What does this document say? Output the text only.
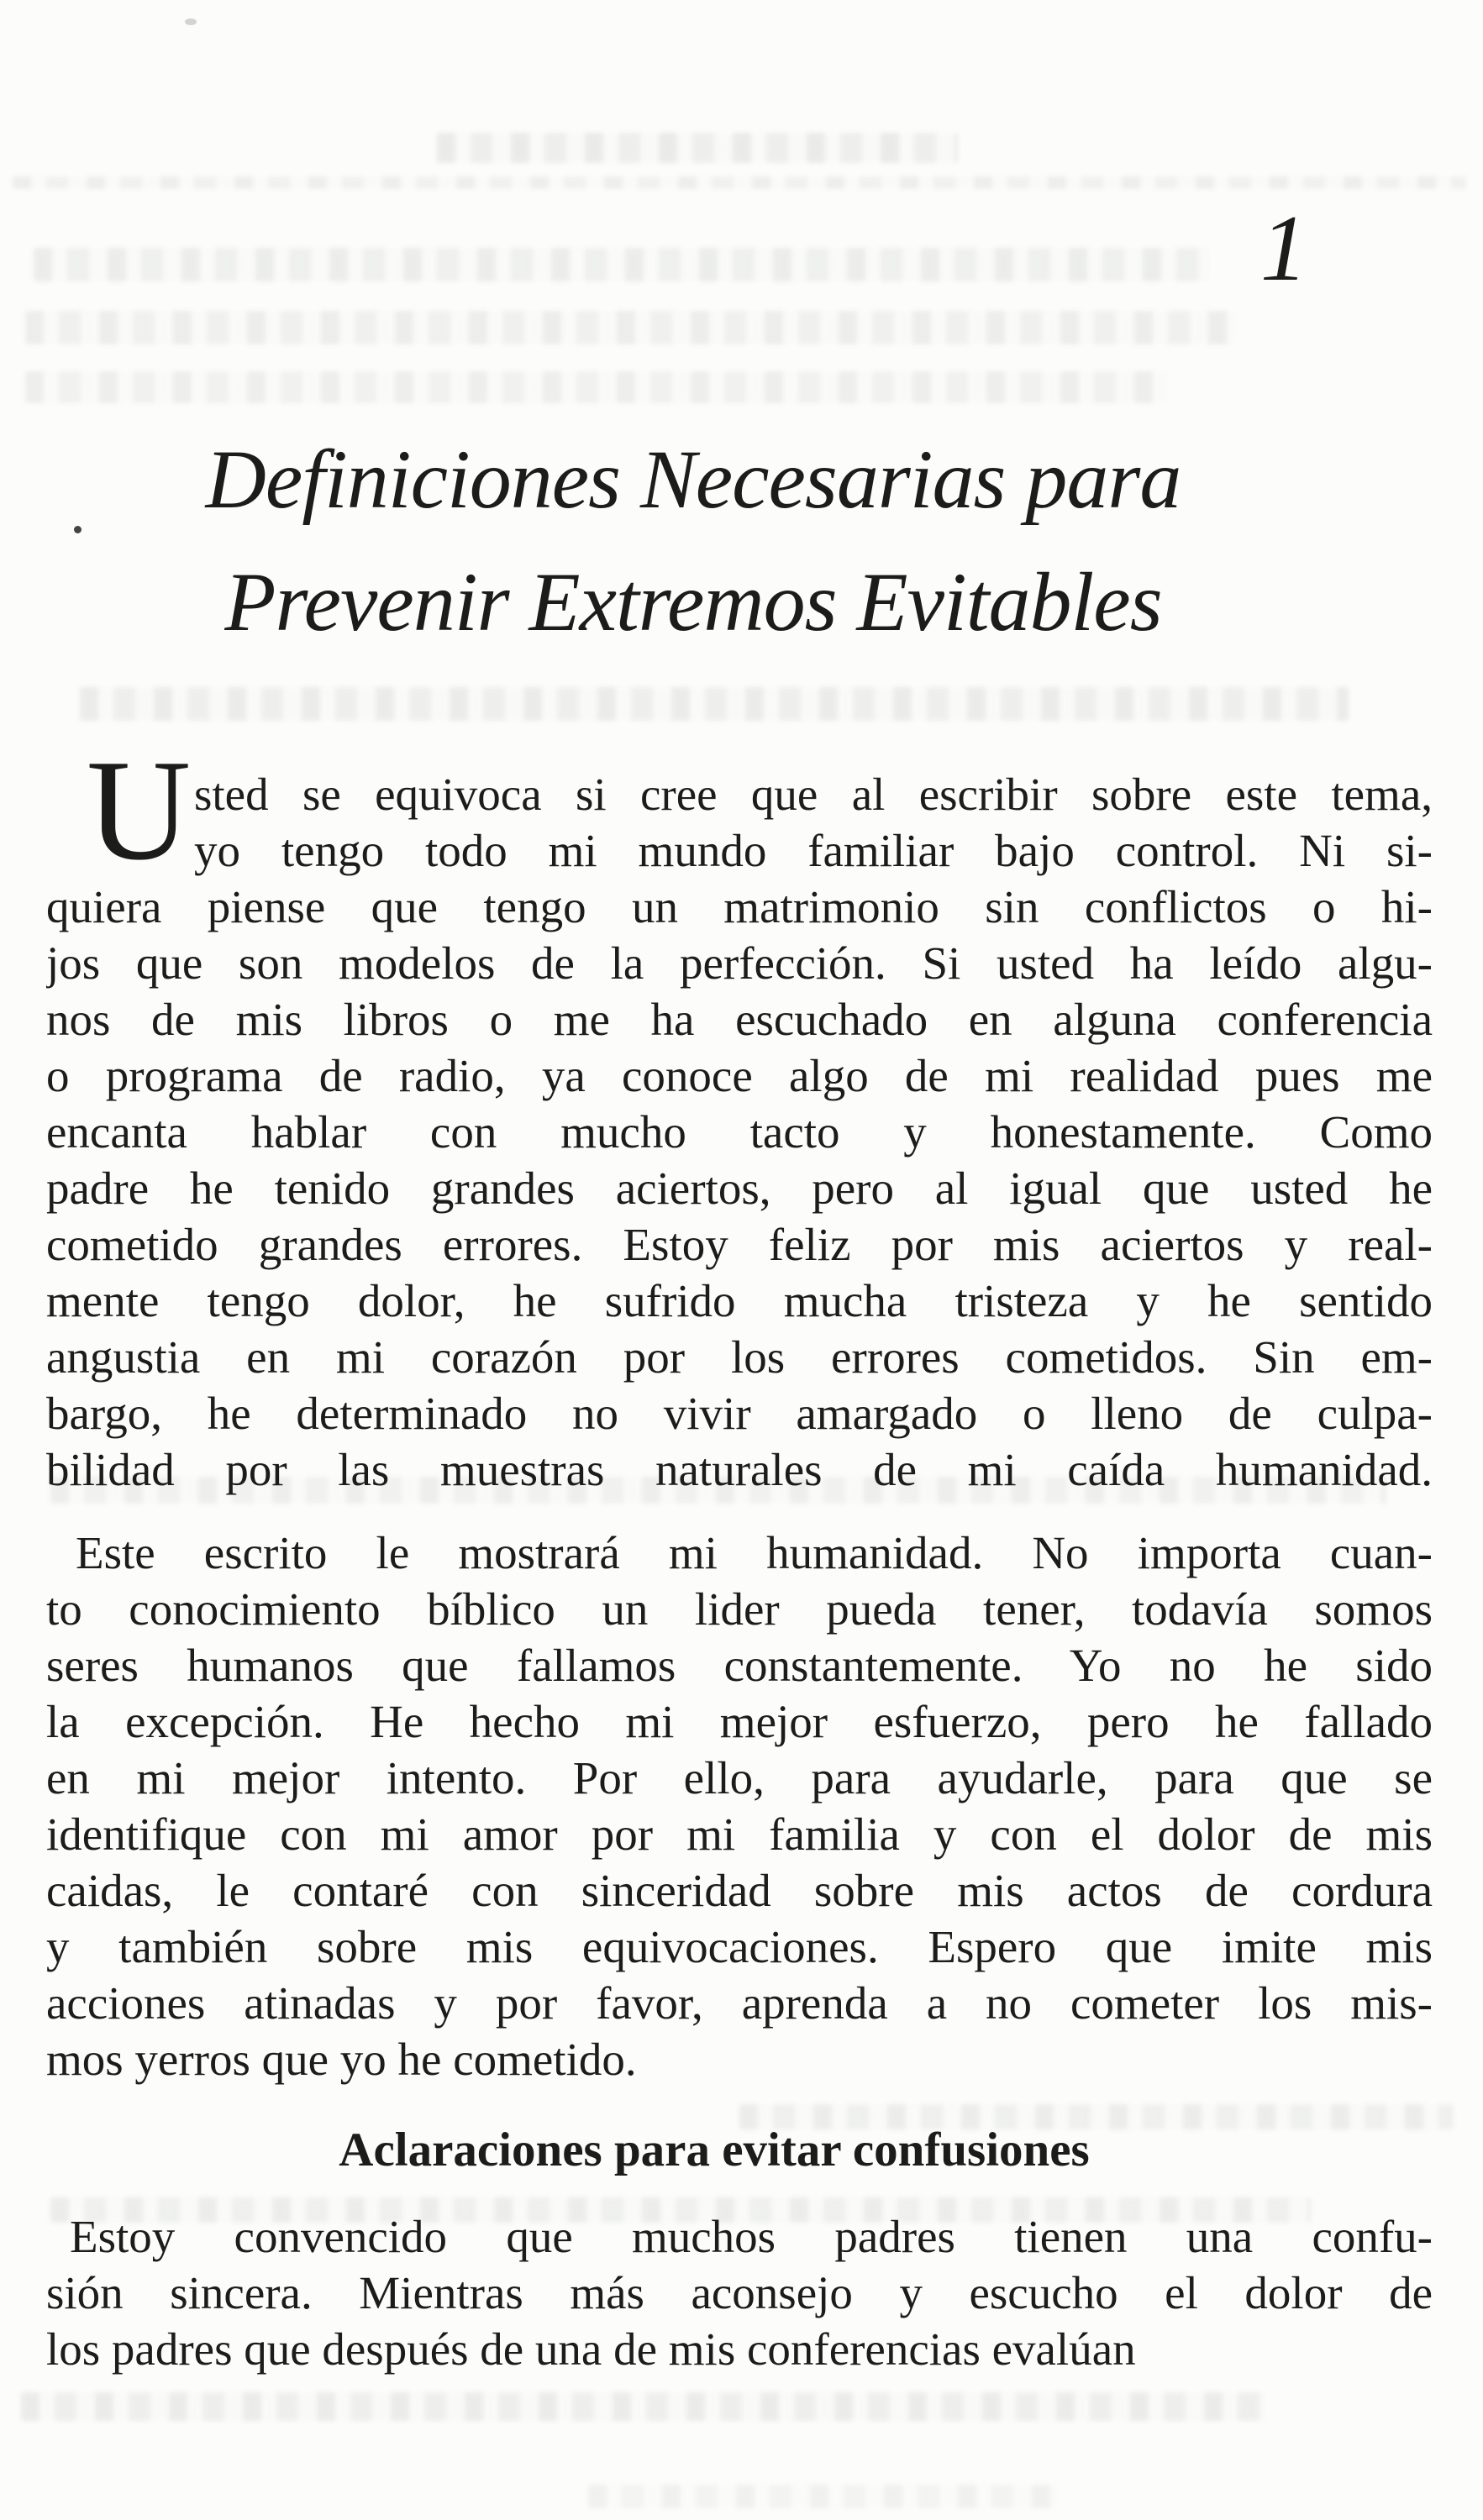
1
Definiciones Necesarias para
Prevenir Extremos Evitables
U sted se equivoca si cree que al escribir sobre este tema,
yo tengo todo mi mundo familiar bajo control. Ni si-
quiera piense que tengo un matrimonio sin conflictos o hi-
jos que son modelos de la perfección. Si usted ha leído algu-
nos de mis libros o me ha escuchado en alguna conferencia
o programa de radio, ya conoce algo de mi realidad pues me
encanta hablar con mucho tacto y honestamente. Como
padre he tenido grandes aciertos, pero al igual que usted he
cometido grandes errores. Estoy feliz por mis aciertos y real-
mente tengo dolor, he sufrido mucha tristeza y he sentido
angustia en mi corazón por los errores cometidos. Sin em-
bargo, he determinado no vivir amargado o lleno de culpa-
bilidad por las muestras naturales de mi caída humanidad.
Este escrito le mostrará mi humanidad. No importa cuan-
to conocimiento bíblico un lider pueda tener, todavía somos
seres humanos que fallamos constantemente. Yo no he sido
la excepción. He hecho mi mejor esfuerzo, pero he fallado
en mi mejor intento. Por ello, para ayudarle, para que se
identifique con mi amor por mi familia y con el dolor de mis
caidas, le contaré con sinceridad sobre mis actos de cordura
y también sobre mis equivocaciones. Espero que imite mis
acciones atinadas y por favor, aprenda a no cometer los mis-
mos yerros que yo he cometido.
Aclaraciones para evitar confusiones
Estoy convencido que muchos padres tienen una confu-
sión sincera. Mientras más aconsejo y escucho el dolor de
los padres que después de una de mis conferencias evalúan
